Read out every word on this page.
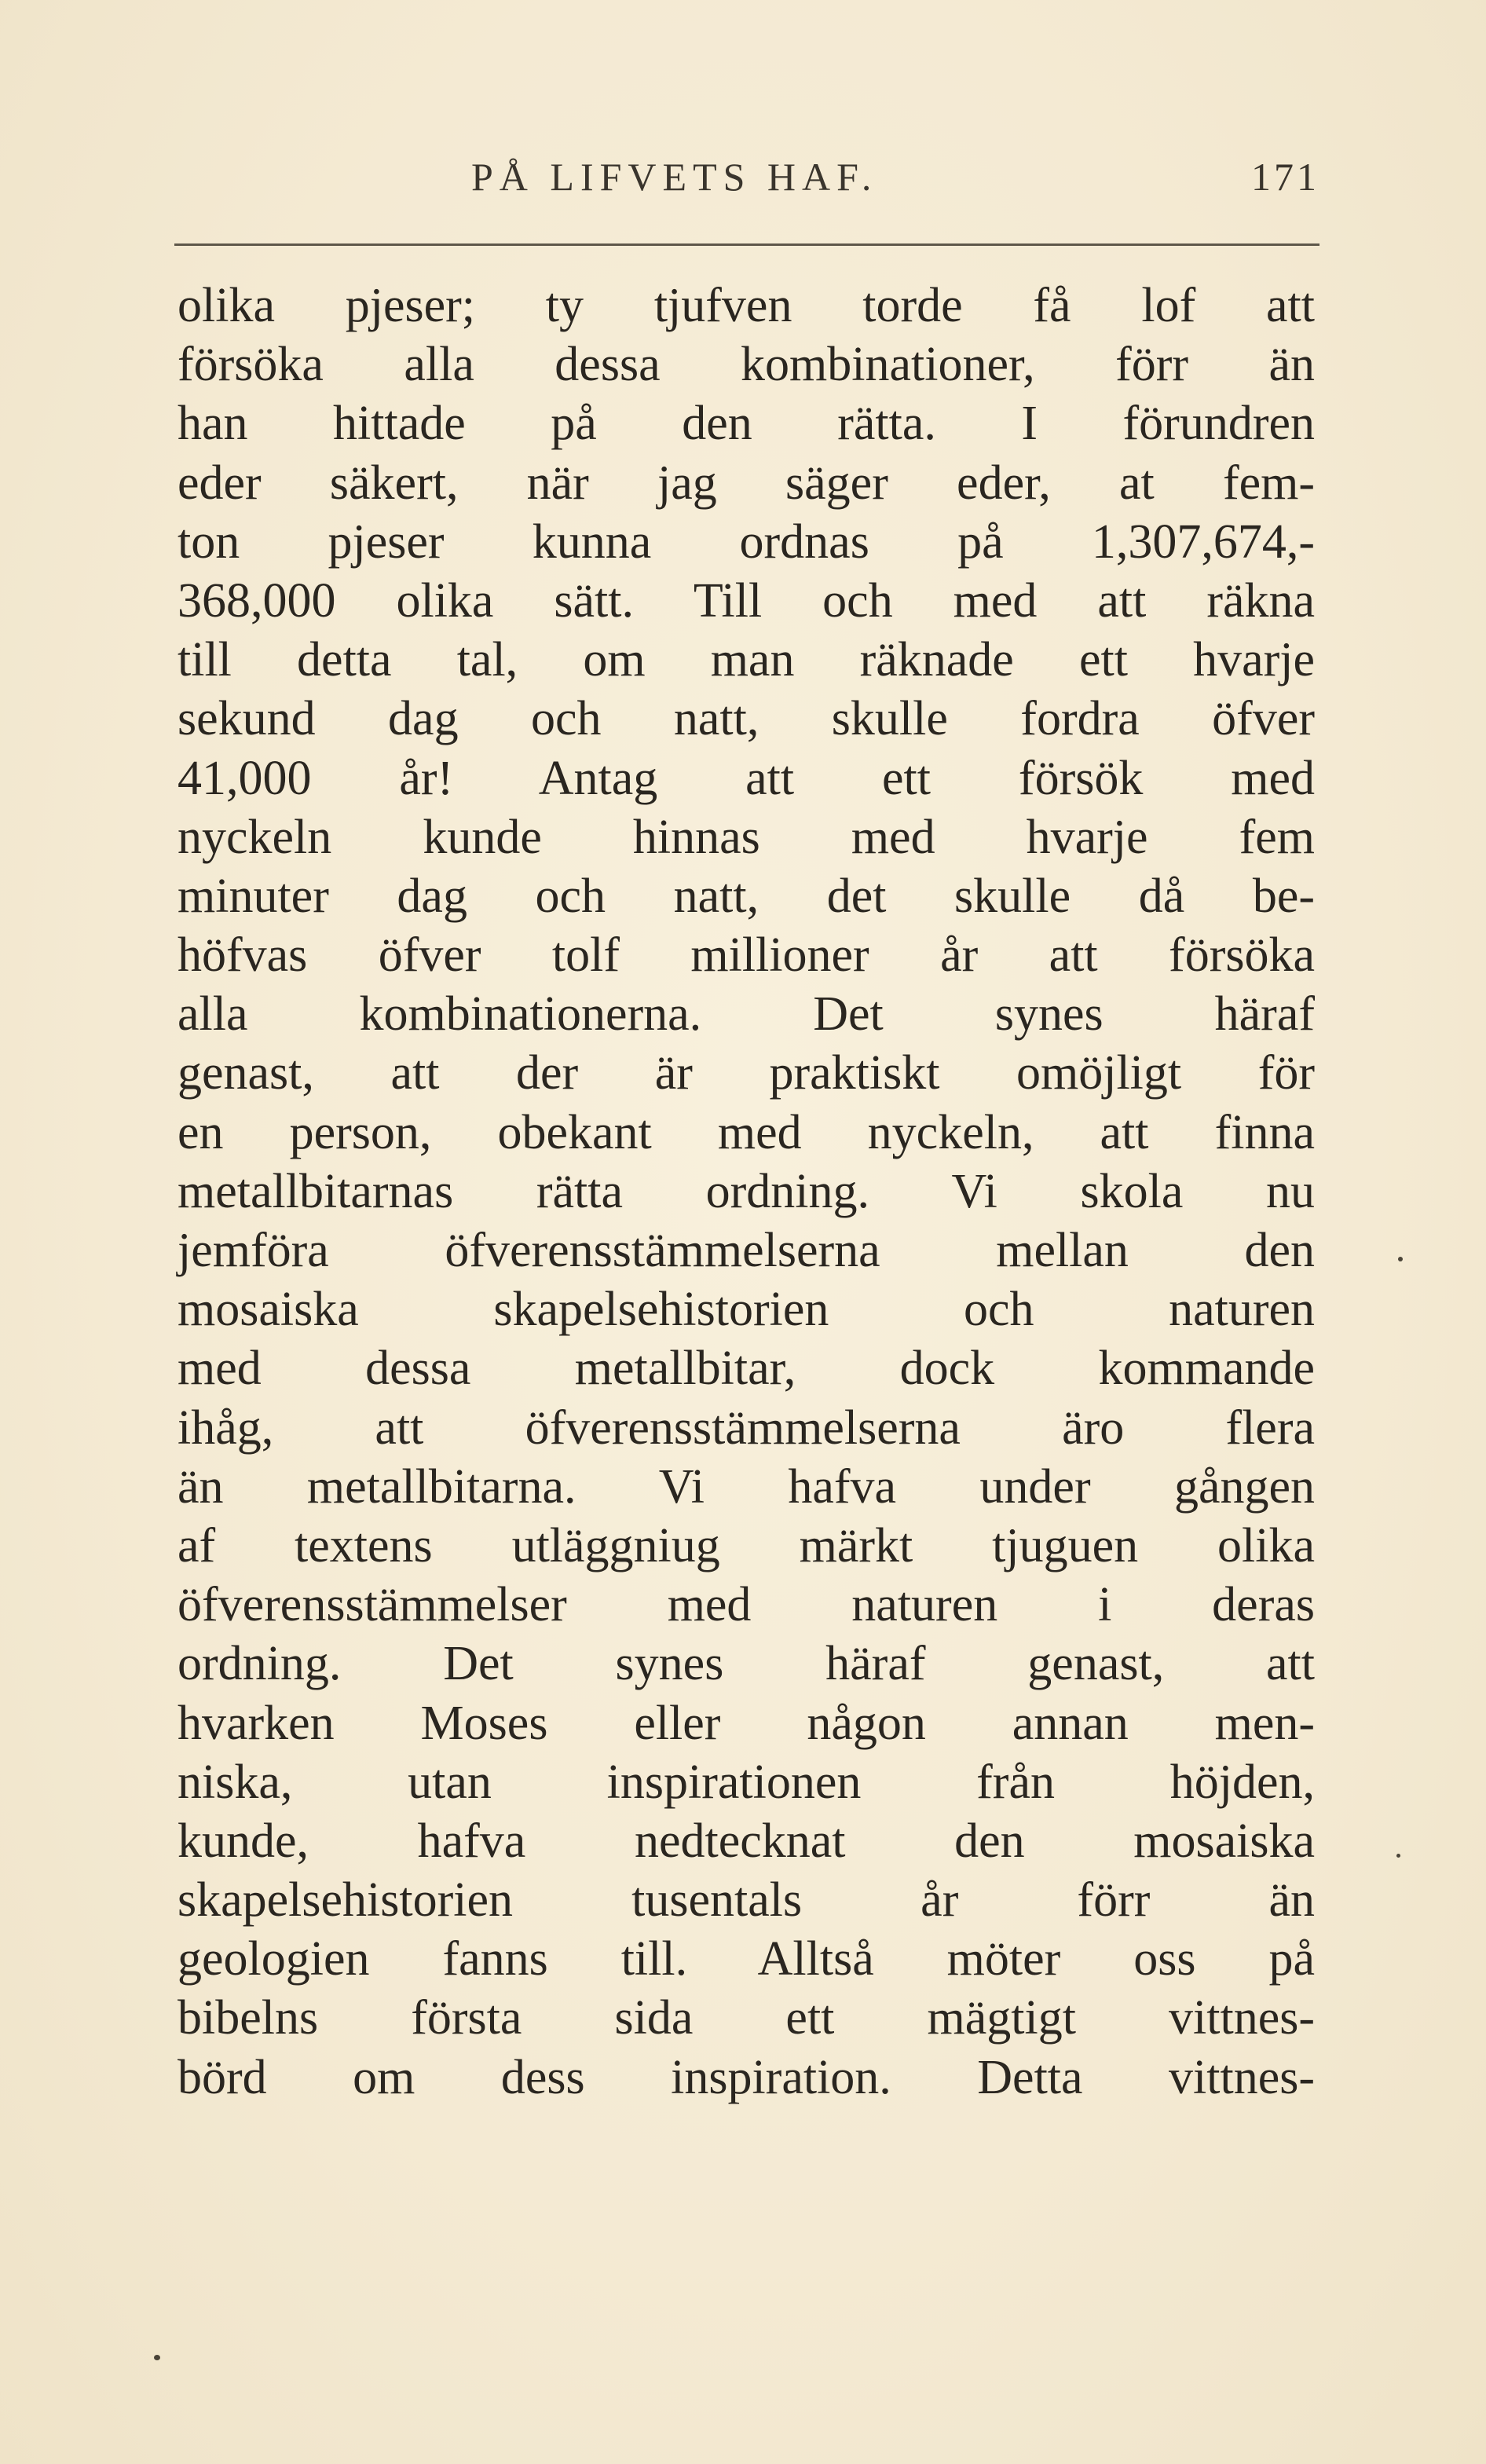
PÅ LIFVETS HAF.	171
olika pjeser; ty tjufven torde få lof att
försöka alla dessa kombinationer, förr än
han hittade på den rätta. I förundren
eder säkert, när jag säger eder, at fem-
ton pjeser kunna ordnas på 1,307,674,-
368,000 olika sätt. Till och med att räkna
till detta tal, om man räknade ett hvarje
sekund dag och natt, skulle fordra öfver
41,000 år! Antag att ett försök med
nyckeln kunde hinnas med hvarje fem
minuter dag och natt, det skulle då be-
höfvas öfver tolf millioner år att försöka
alla kombinationerna. Det synes häraf
genast, att der är praktiskt omöjligt för
en person, obekant med nyckeln, att finna
metallbitarnas rätta ordning. Vi skola nu
jemföra öfverensstämmelserna mellan den
mosaiska skapelsehistorien och naturen
med dessa metallbitar, dock kommande
ihåg, att öfverensstämmelserna äro flera
än metallbitarna. Vi hafva under gången
af textens utläggniug märkt tjuguen olika
öfverensstämmelser med naturen i deras
ordning. Det synes häraf genast, att
hvarken Moses eller någon annan men-
niska, utan inspirationen från höjden,
kunde, hafva nedtecknat den mosaiska
skapelsehistorien tusentals år förr än
geologien fanns till. Alltså möter oss på
bibelns första sida ett mägtigt vittnes-
börd om dess inspiration. Detta vittnes-
